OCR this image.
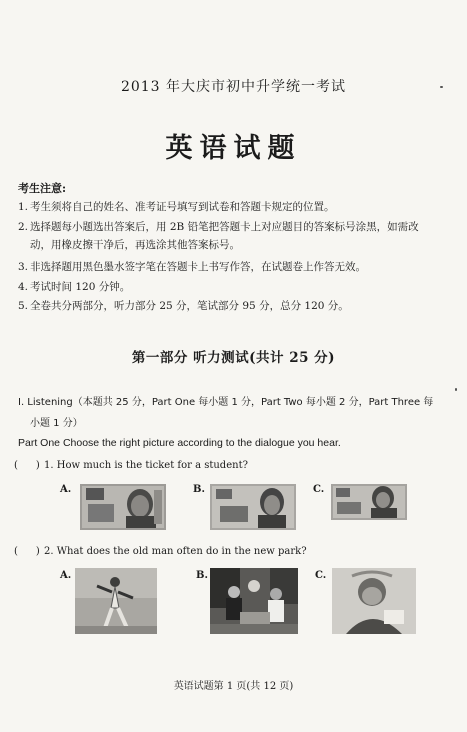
2013 年大庆市初中升学统一考试
英语试题
考生注意:
1. 考生须将自己的姓名、准考证号填写到试卷和答题卡规定的位置。
2. 选择题每小题选出答案后，用 2B 铅笔把答题卡上对应题目的答案标号涂黑，如需改
动，用橡皮擦干净后，再选涂其他答案标号。
3. 非选择题用黑色墨水签字笔在答题卡上书写作答，在试题卷上作答无效。
4. 考试时间 120 分钟。
5. 全卷共分两部分，听力部分 25 分，笔试部分 95 分，总分 120 分。
第一部分 听力测试(共计 25 分)
Ⅰ. Listening（本题共 25 分，Part One 每小题 1 分，Part Two 每小题 2 分，Part Three 每
小题 1 分）
Part One Choose the right picture according to the dialogue you hear.
( ) 1. How much is the ticket for a student?
A.	B.	C.
( ) 2. What does the old man often do in the new park?
A.	B.	C.
英语试题第 1 页(共 12 页)
